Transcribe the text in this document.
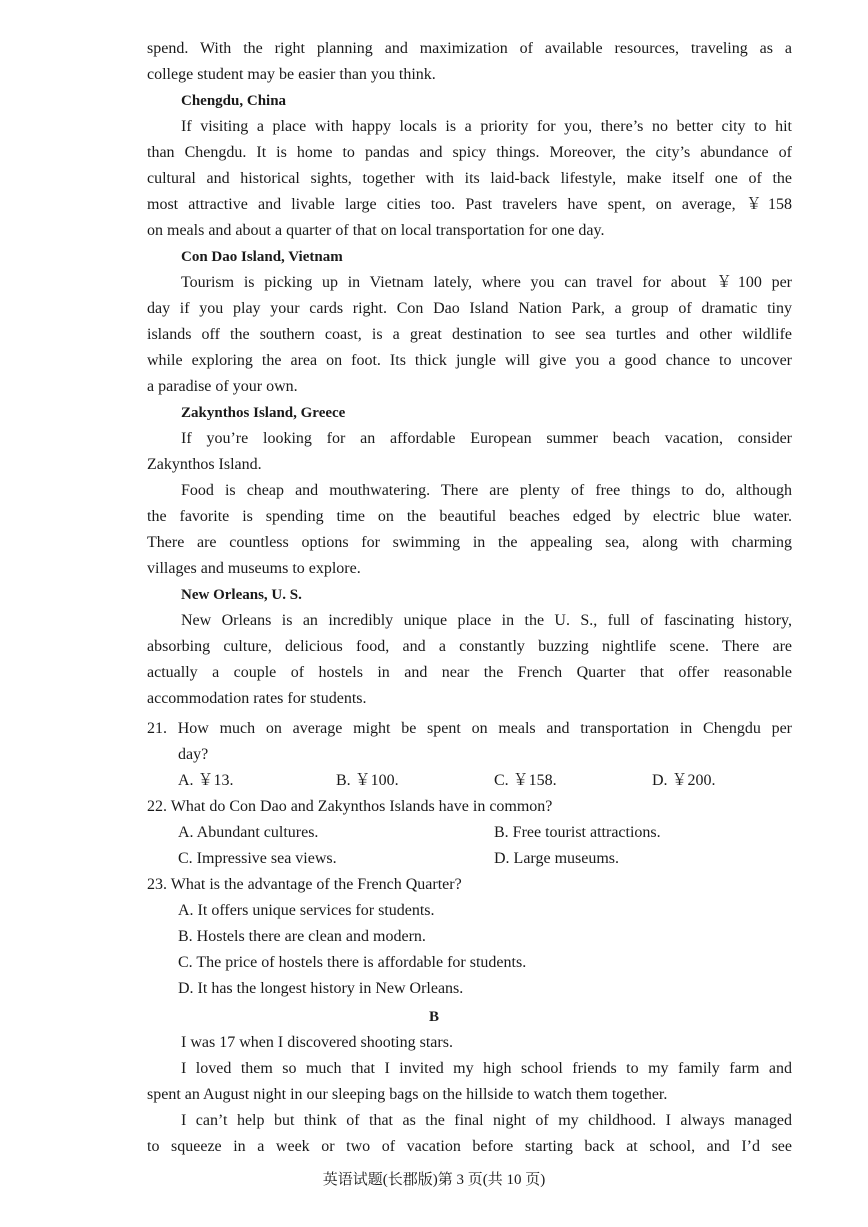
spend. With the right planning and maximization of available resources, traveling as a
college student may be easier than you think.
Chengdu, China
If visiting a place with happy locals is a priority for you, there’s no better city to hit
than Chengdu. It is home to pandas and spicy things. Moreover, the city’s abundance of
cultural and historical sights, together with its laid-back lifestyle, make itself one of the
most attractive and livable large cities too. Past travelers have spent, on average, ￥158
on meals and about a quarter of that on local transportation for one day.
Con Dao Island, Vietnam
Tourism is picking up in Vietnam lately, where you can travel for about ￥100 per
day if you play your cards right. Con Dao Island Nation Park, a group of dramatic tiny
islands off the southern coast, is a great destination to see sea turtles and other wildlife
while exploring the area on foot. Its thick jungle will give you a good chance to uncover
a paradise of your own.
Zakynthos Island, Greece
If you’re looking for an affordable European summer beach vacation, consider
Zakynthos Island.
Food is cheap and mouthwatering. There are plenty of free things to do, although
the favorite is spending time on the beautiful beaches edged by electric blue water.
There are countless options for swimming in the appealing sea, along with charming
villages and museums to explore.
New Orleans, U. S.
New Orleans is an incredibly unique place in the U. S., full of fascinating history,
absorbing culture, delicious food, and a constantly buzzing nightlife scene. There are
actually a couple of hostels in and near the French Quarter that offer reasonable
accommodation rates for students.
21. How much on average might be spent on meals and transportation in Chengdu per
day?
A. ￥13.	B. ￥100.	C. ￥158.	D. ￥200.
22. What do Con Dao and Zakynthos Islands have in common?
A. Abundant cultures.	B. Free tourist attractions.
C. Impressive sea views.	D. Large museums.
23. What is the advantage of the French Quarter?
A. It offers unique services for students.
B. Hostels there are clean and modern.
C. The price of hostels there is affordable for students.
D. It has the longest history in New Orleans.
B
I was 17 when I discovered shooting stars.
I loved them so much that I invited my high school friends to my family farm and
spent an August night in our sleeping bags on the hillside to watch them together.
I can’t help but think of that as the final night of my childhood. I always managed
to squeeze in a week or two of vacation before starting back at school, and I’d see
英语试题(长郡版)第 3 页(共 10 页)
